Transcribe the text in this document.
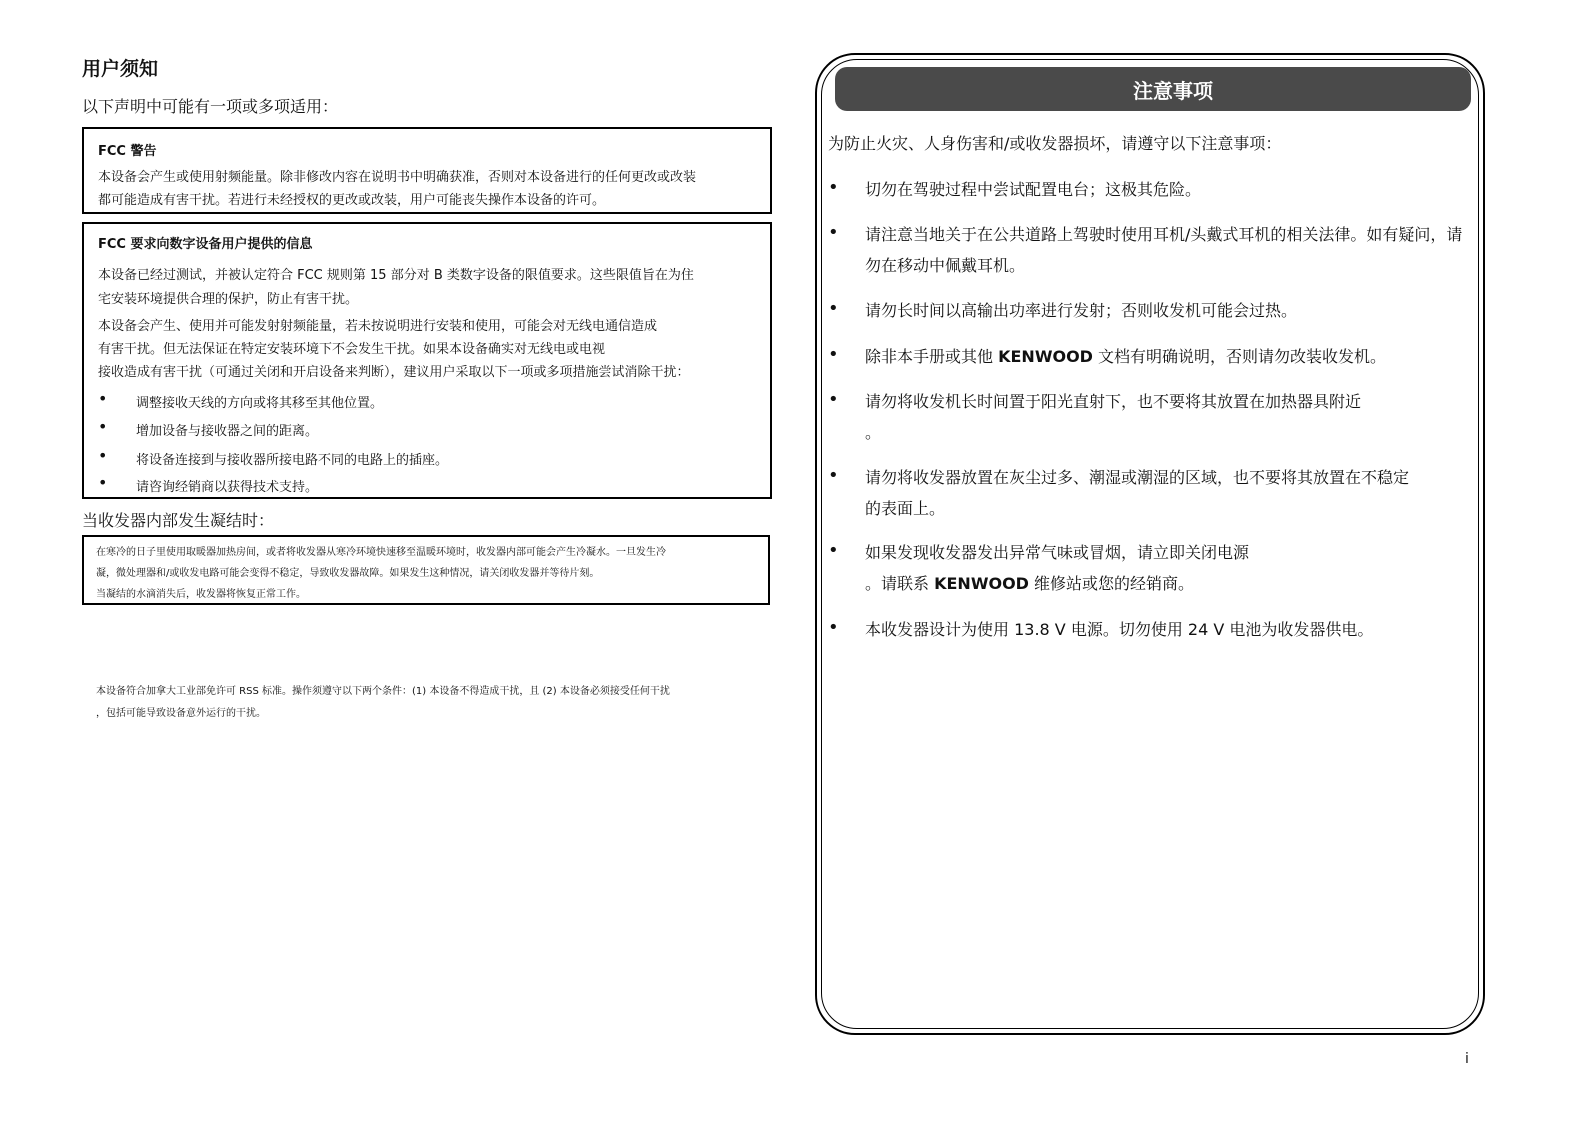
用户须知
以下声明中可能有一项或多项适用：
FCC 警告
本设备会产生或使用射频能量。除非修改内容在说明书中明确获准，否则对本设备进行的任何更改或改装
都可能造成有害干扰。若进行未经授权的更改或改装，用户可能丧失操作本设备的许可。
FCC 要求向数字设备用户提供的信息
本设备已经过测试，并被认定符合 FCC 规则第 15 部分对 B 类数字设备的限值要求。这些限值旨在为住
宅安装环境提供合理的保护，防止有害干扰。
本设备会产生、使用并可能发射射频能量，若未按说明进行安装和使用，可能会对无线电通信造成
有害干扰。但无法保证在特定安装环境下不会发生干扰。如果本设备确实对无线电或电视
接收造成有害干扰（可通过关闭和开启设备来判断），建议用户采取以下一项或多项措施尝试消除干扰：
• 调整接收天线的方向或将其移至其他位置。
• 增加设备与接收器之间的距离。
• 将设备连接到与接收器所接电路不同的电路上的插座。
• 请咨询经销商以获得技术支持。
当收发器内部发生凝结时：
在寒冷的日子里使用取暖器加热房间，或者将收发器从寒冷环境快速移至温暖环境时，收发器内部可能会产生冷凝水。一旦发生冷
凝，微处理器和/或收发电路可能会变得不稳定，导致收发器故障。如果发生这种情况，请关闭收发器并等待片刻。
当凝结的水滴消失后，收发器将恢复正常工作。
本设备符合加拿大工业部免许可 RSS 标准。操作须遵守以下两个条件：(1) 本设备不得造成干扰，且 (2) 本设备必须接受任何干扰
，包括可能导致设备意外运行的干扰。
注意事项
为防止火灾、人身伤害和/或收发器损坏，请遵守以下注意事项：
• 切勿在驾驶过程中尝试配置电台；这极其危险。
• 请注意当地关于在公共道路上驾驶时使用耳机/头戴式耳机的相关法律。如有疑问，请勿在移动中佩戴耳机。
• 请勿长时间以高输出功率进行发射；否则收发机可能会过热。
• 除非本手册或其他 KENWOOD 文档有明确说明，否则请勿改装收发机。
• 请勿将收发机长时间置于阳光直射下，也不要将其放置在加热器具附近
。
• 请勿将收发器放置在灰尘过多、潮湿或潮湿的区域，也不要将其放置在不稳定
的表面上。
• 如果发现收发器发出异常气味或冒烟，请立即关闭电源
。请联系 KENWOOD 维修站或您的经销商。
• 本收发器设计为使用 13.8 V 电源。切勿使用 24 V 电池为收发器供电。
i
